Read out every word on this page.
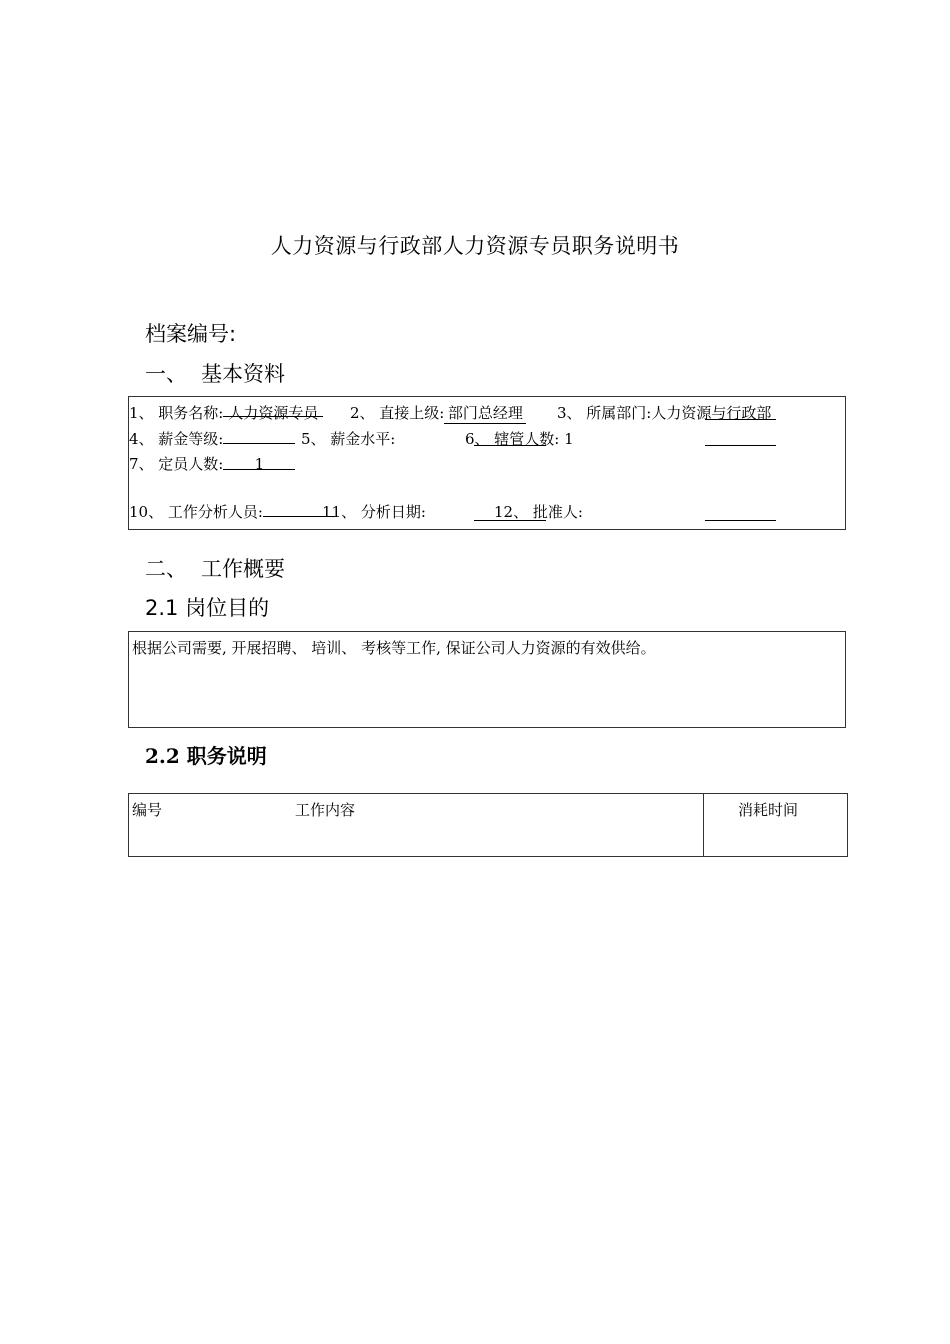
人力资源与行政部人力资源专员职务说明书
档案编号:
一、 基本资料
1、 职务名称: 人力资源专员	2、 直接上级: 部门总经理 3、 所属部门:人力资源与行政部
4、 薪金等级:	5、 薪金水平:	6、 辖管人数: 1
7、 定员人数: 1
10、 工作分析人员:	11、 分析日期:	12、 批准人:
二、 工作概要
2.1 岗位目的
根据公司需要, 开展招聘、 培训、 考核等工作, 保证公司人力资源的有效供给。
2.2 职务说明
编号	工作内容	消耗时间
